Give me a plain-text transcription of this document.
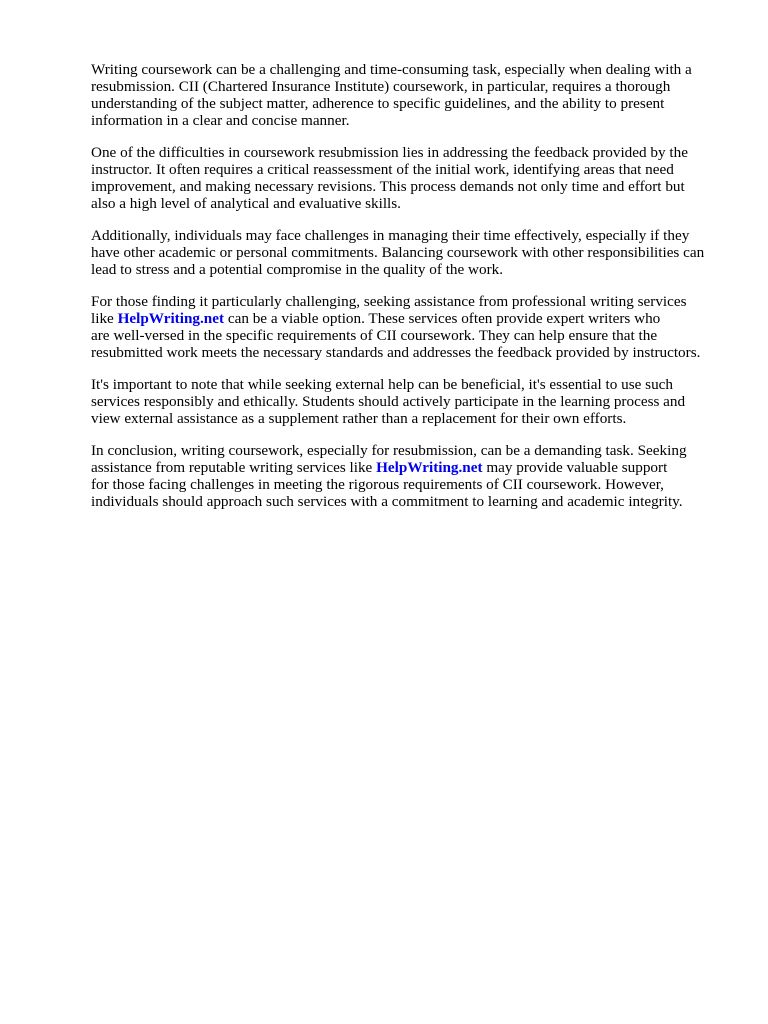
Writing coursework can be a challenging and time-consuming task, especially when dealing with a
resubmission. CII (Chartered Insurance Institute) coursework, in particular, requires a thorough
understanding of the subject matter, adherence to specific guidelines, and the ability to present
information in a clear and concise manner.

One of the difficulties in coursework resubmission lies in addressing the feedback provided by the
instructor. It often requires a critical reassessment of the initial work, identifying areas that need
improvement, and making necessary revisions. This process demands not only time and effort but
also a high level of analytical and evaluative skills.

Additionally, individuals may face challenges in managing their time effectively, especially if they
have other academic or personal commitments. Balancing coursework with other responsibilities can
lead to stress and a potential compromise in the quality of the work.

For those finding it particularly challenging, seeking assistance from professional writing services
like HelpWriting.net can be a viable option. These services often provide expert writers who
are well-versed in the specific requirements of CII coursework. They can help ensure that the
resubmitted work meets the necessary standards and addresses the feedback provided by instructors.

It's important to note that while seeking external help can be beneficial, it's essential to use such
services responsibly and ethically. Students should actively participate in the learning process and
view external assistance as a supplement rather than a replacement for their own efforts.

In conclusion, writing coursework, especially for resubmission, can be a demanding task. Seeking
assistance from reputable writing services like HelpWriting.net may provide valuable support
for those facing challenges in meeting the rigorous requirements of CII coursework. However,
individuals should approach such services with a commitment to learning and academic integrity.
